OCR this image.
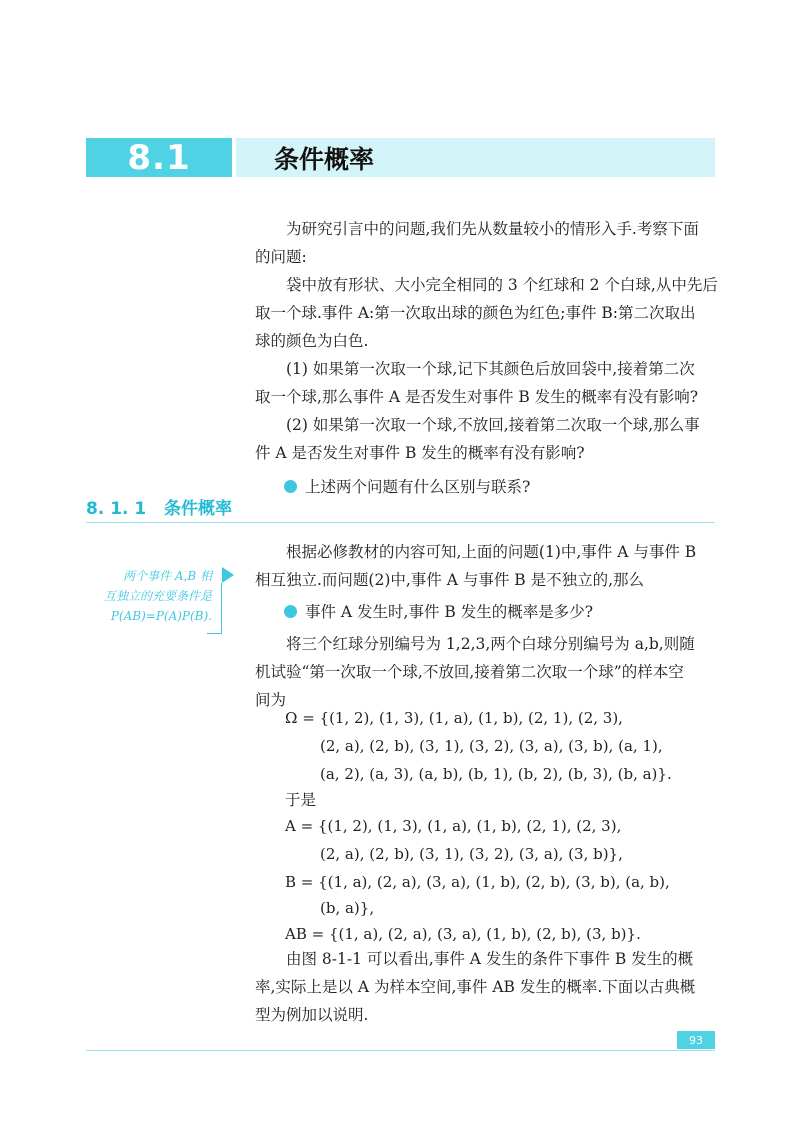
8.1	条件概率

为研究引言中的问题,我们先从数量较小的情形入手.考察下面

的问题:

袋中放有形状、大小完全相同的 3 个红球和 2 个白球,从中先后

取一个球.事件 A:第一次取出球的颜色为红色;事件 B:第二次取出

球的颜色为白色.

(1) 如果第一次取一个球,记下其颜色后放回袋中,接着第二次

取一个球,那么事件 A 是否发生对事件 B 发生的概率有没有影响?

(2) 如果第一次取一个球,不放回,接着第二次取一个球,那么事

件 A 是否发生对事件 B 发生的概率有没有影响?

上述两个问题有什么区别与联系?

8. 1. 1   条件概率
两个事件 A,B 相
互独立的充要条件是
P(AB)=P(A)P(B).

根据必修教材的内容可知,上面的问题(1)中,事件 A 与事件 B

相互独立.而问题(2)中,事件 A 与事件 B 是不独立的,那么

事件 A 发生时,事件 B 发生的概率是多少?

将三个红球分别编号为 1,2,3,两个白球分别编号为 a,b,则随

机试验“第一次取一个球,不放回,接着第二次取一个球”的样本空

间为

Ω = {(1, 2), (1, 3), (1, a), (1, b), (2, 1), (2, 3),

(2, a), (2, b), (3, 1), (3, 2), (3, a), (3, b), (a, 1),

(a, 2), (a, 3), (a, b), (b, 1), (b, 2), (b, 3), (b, a)}.

于是

A = {(1, 2), (1, 3), (1, a), (1, b), (2, 1), (2, 3),

(2, a), (2, b), (3, 1), (3, 2), (3, a), (3, b)},

B = {(1, a), (2, a), (3, a), (1, b), (2, b), (3, b), (a, b),

(b, a)},

AB = {(1, a), (2, a), (3, a), (1, b), (2, b), (3, b)}.

由图 8-1-1 可以看出,事件 A 发生的条件下事件 B 发生的概

率,实际上是以 A 为样本空间,事件 AB 发生的概率.下面以古典概

型为例加以说明.

93
